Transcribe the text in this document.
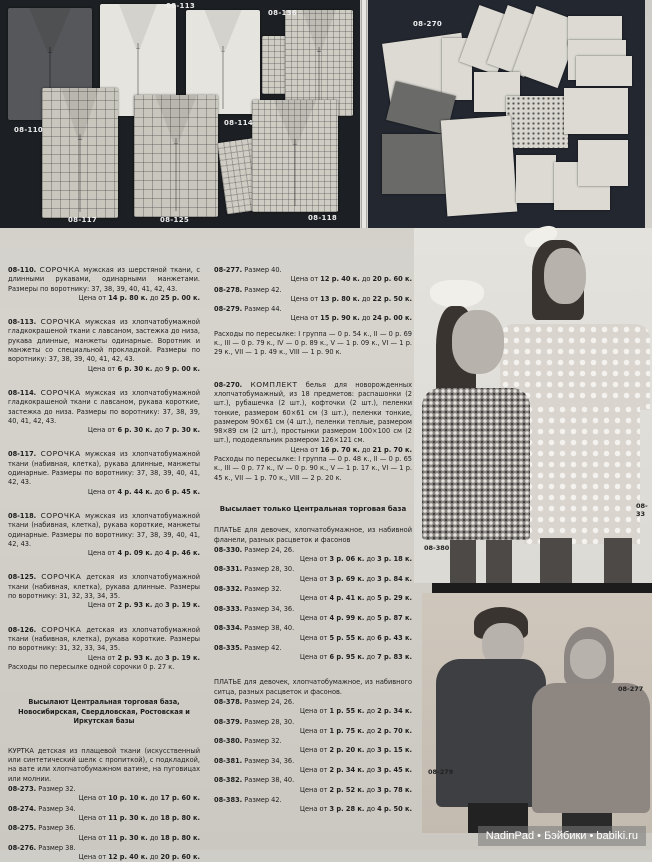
08-110
08-113
08-136
08-114
08-117	08-125	08-118
08-270
08-110. СОРОЧКА мужская из шерстяной ткани, с длинными рукавами, одинарными манжетами. Размеры по воротнику: 37, 38, 39, 40, 41, 42, 43.
Цена от 14 р. 80 к. до 25 р. 00 к.
08-113. СОРОЧКА мужская из хлопчатобумажной гладкокрашеной ткани с лавсаном, застежка до низа, рукава длинные, манжеты одинарные. Воротник и манжеты со специальной прокладкой. Размеры по воротнику: 37, 38, 39, 40, 41, 42, 43.
Цена от 6 р. 30 к. до 9 р. 00 к.
08-114. СОРОЧКА мужская из хлопчатобумажной гладкокрашеной ткани с лавсаном, рукава короткие, застежка до низа. Размеры по воротнику: 37, 38, 39, 40, 41, 42, 43.
Цена от 6 р. 30 к. до 7 р. 30 к.
08-117. СОРОЧКА мужская из хлопчатобумажной ткани (набивная, клетка), рукава длинные, манжеты одинарные. Размеры по воротнику: 37, 38, 39, 40, 41, 42, 43.
Цена от 4 р. 44 к. до 6 р. 45 к.
08-118. СОРОЧКА мужская из хлопчатобумажной ткани (набивная, клетка), рукава короткие, манжеты одинарные. Размеры по воротнику: 37, 38, 39, 40, 41, 42, 43.
Цена от 4 р. 09 к. до 4 р. 46 к.
08-125. СОРОЧКА детская из хлопчатобумажной ткани (набивная, клетка), рукава длинные. Размеры по воротнику: 31, 32, 33, 34, 35.
Цена от 2 р. 93 к. до 3 р. 19 к.
08-126. СОРОЧКА детская из хлопчатобумажной ткани (набивная, клетка), рукава короткие. Размеры по воротнику: 31, 32, 33, 34, 35.
Цена от 2 р. 93 к. до 3 р. 19 к.
Расходы по пересылке одной сорочки 0 р. 27 к.
Высылают Центральная торговая база, Новосибирская, Свердловская, Ростовская и Иркутская базы
КУРТКА детская из плащевой ткани (искусственный или синтетический шелк с пропиткой), с подкладкой, на вате или хлопчатобумажном ватине, на пуговицах или молнии.
08-273. Размер 32.
Цена от 10 р. 10 к. до 17 р. 60 к.
08-274. Размер 34.
Цена от 11 р. 30 к. до 18 р. 80 к.
08-275. Размер 36.
Цена от 11 р. 30 к. до 18 р. 80 к.
08-276. Размер 38.
Цена от 12 р. 40 к. до 20 р. 60 к.
08-277. Размер 40.
Цена от 12 р. 40 к. до 20 р. 60 к.
08-278. Размер 42.
Цена от 13 р. 80 к. до 22 р. 50 к.
08-279. Размер 44.
Цена от 15 р. 90 к. до 24 р. 00 к.
Расходы по пересылке: I группа — 0 р. 54 к., II — 0 р. 69 к., III — 0 р. 79 к., IV — 0 р. 89 к., V — 1 р. 09 к., VI — 1 р. 29 к., VII — 1 р. 49 к., VIII — 1 р. 90 к.
08-270. КОМПЛЕКТ белья для новорожденных хлопчатобумажный, из 18 предметов: распашонки (2 шт.), рубашечка (2 шт.), кофточки (2 шт.), пеленки тонкие, размером 60×61 см (3 шт.), пеленки тонкие, размером 90×61 см (4 шт.), пеленки теплые, размером 98×89 см (2 шт.), простынки размером 100×100 см (2 шт.), пододеяльник размером 126×121 см.
Цена от 16 р. 70 к. до 21 р. 70 к.
Расходы по пересылке: I группа — 0 р. 48 к., II — 0 р. 65 к., III — 0 р. 77 к., IV — 0 р. 90 к., V — 1 р. 17 к., VI — 1 р. 45 к., VII — 1 р. 70 к., VIII — 2 р. 20 к.
Высылает только Центральная торговая база
ПЛАТЬЕ для девочек, хлопчатобумажное, из набивной фланели, разных расцветок и фасонов
08-330. Размер 24, 26.
Цена от 3 р. 06 к. до 3 р. 18 к.
08-331. Размер 28, 30.
Цена от 3 р. 69 к. до 3 р. 84 к.
08-332. Размер 32.
Цена от 4 р. 41 к. до 5 р. 29 к.
08-333. Размер 34, 36.
Цена от 4 р. 99 к. до 5 р. 87 к.
08-334. Размер 38, 40.
Цена от 5 р. 55 к. до 6 р. 43 к.
08-335. Размер 42.
Цена от 6 р. 95 к. до 7 р. 83 к.
ПЛАТЬЕ для девочек, хлопчатобумажное, из набивного ситца, разных расцветок и фасонов.
08-378. Размер 24, 26.
Цена от 1 р. 55 к. до 2 р. 34 к.
08-379. Размер 28, 30.
Цена от 1 р. 75 к. до 2 р. 70 к.
08-380. Размер 32.
Цена от 2 р. 20 к. до 3 р. 15 к.
08-381. Размер 34, 36.
Цена от 2 р. 34 к. до 3 р. 45 к.
08-382. Размер 38, 40.
Цена от 2 р. 52 к. до 3 р. 78 к.
08-383. Размер 42.
Цена от 3 р. 28 к. до 4 р. 50 к.
08-380
08-33
08-279
08-277
NadinPad • Бэйбики • babiki.ru
